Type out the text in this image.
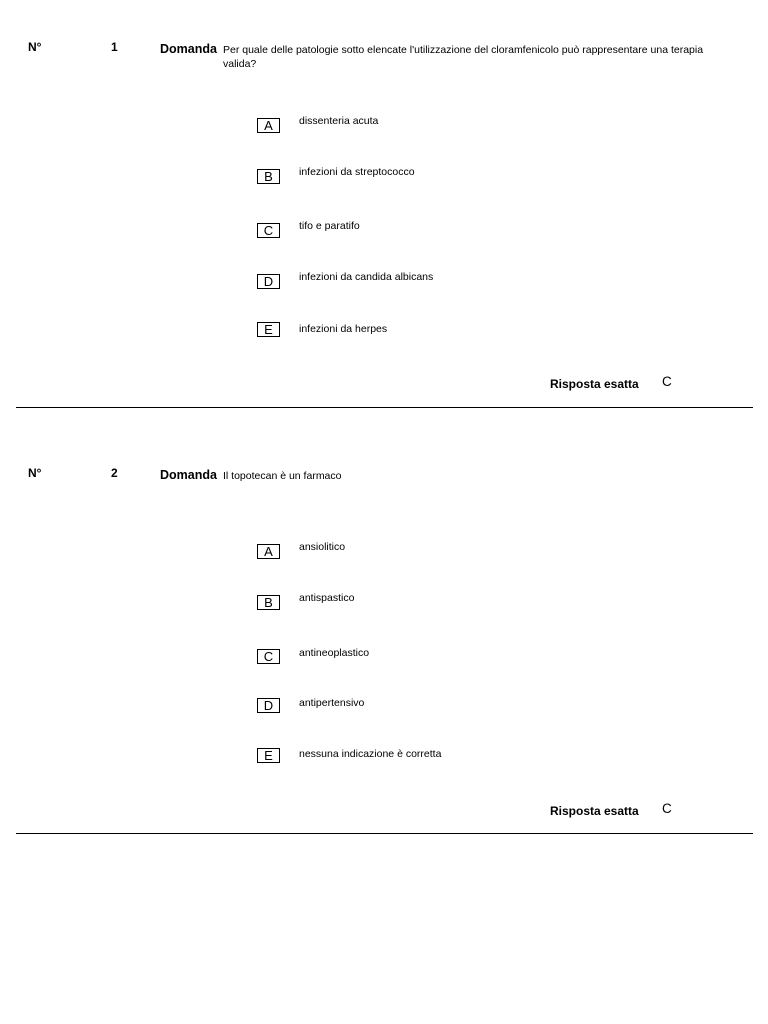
N°	1	Domanda Per quale delle patologie sotto elencate l'utilizzazione del cloramfenicolo può rappresentare una terapia valida?
A	dissenteria acuta
B	infezioni da streptococco
C	tifo e paratifo
D	infezioni da candida albicans
E	infezioni da herpes
Risposta esatta C
N°	2	Domanda Il topotecan è un farmaco
A	ansiolitico
B	antispastico
C	antineoplastico
D	antipertensivo
E	nessuna indicazione è corretta
Risposta esatta C
